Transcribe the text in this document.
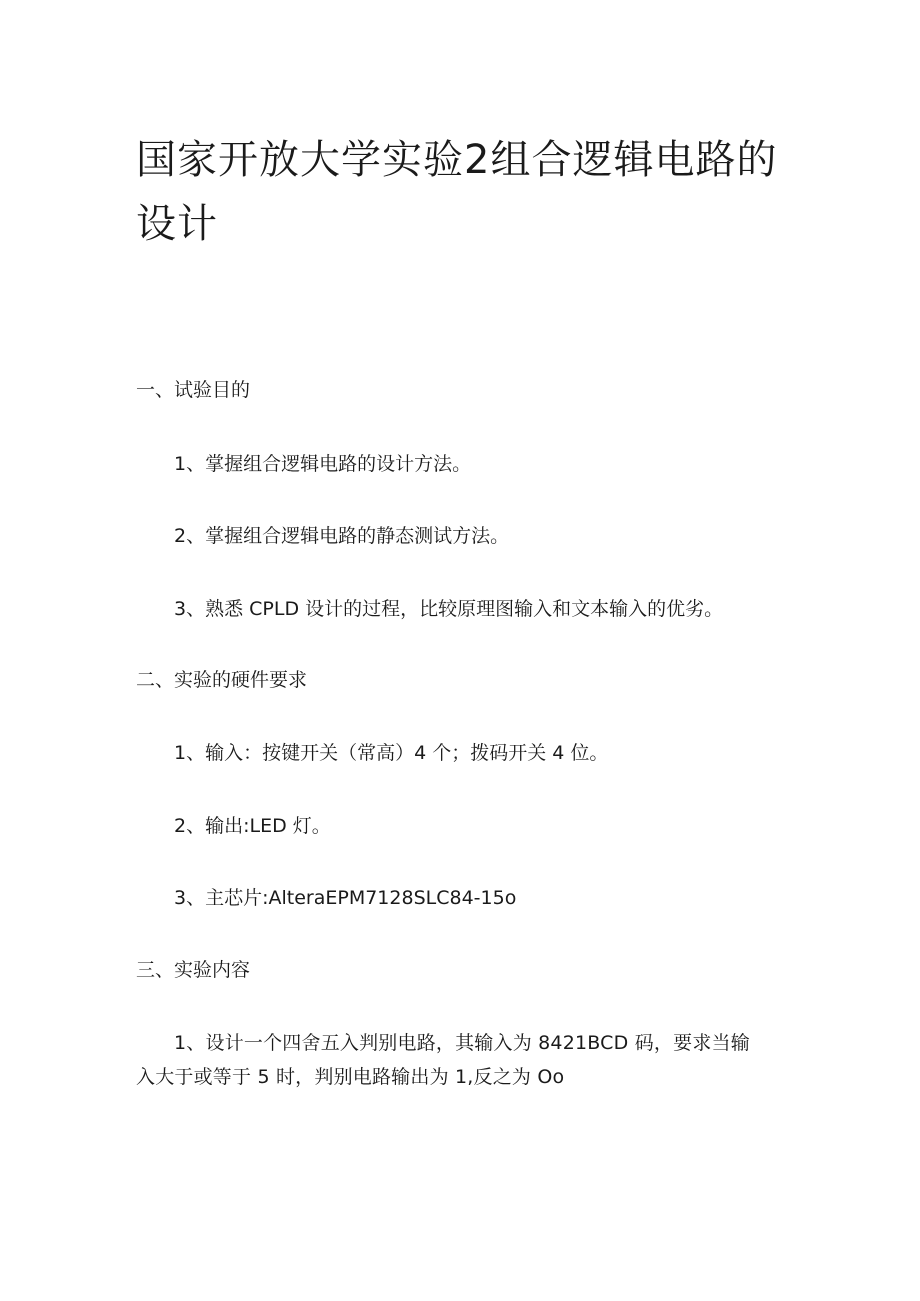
国家开放大学实验2组合逻辑电路的设计

一、试验目的

1、掌握组合逻辑电路的设计方法。

2、掌握组合逻辑电路的静态测试方法。

3、熟悉 CPLD 设计的过程，比较原理图输入和文本输入的优劣。

二、实验的硬件要求

1、输入：按键开关（常高）4 个；拨码开关 4 位。

2、输出:LED 灯。

3、主芯片:AlteraEPM7128SLC84-15o

三、实验内容

1、设计一个四舍五入判别电路，其输入为 8421BCD 码，要求当输入大于或等于 5 时，判别电路输出为 1,反之为 Oo
